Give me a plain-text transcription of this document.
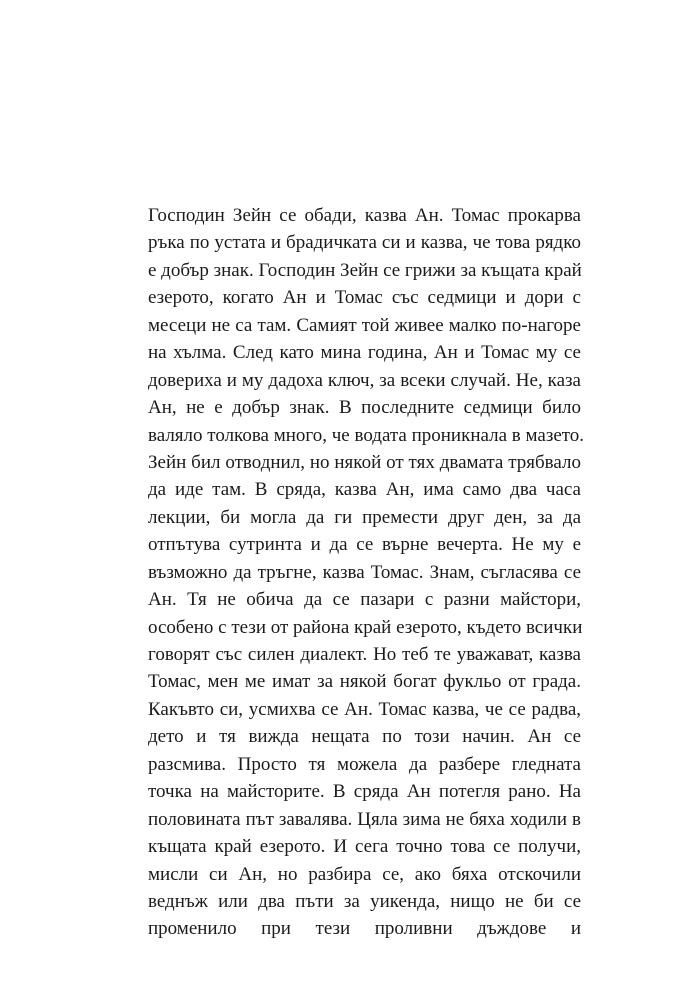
Господин Зейн се обади, казва Ан. Томас прокарва
ръка по устата и брадичката си и казва, че това рядко
е добър знак. Господин Зейн се грижи за къщата край
езерото, когато Ан и Томас със седмици и дори с
месеци не са там. Самият той живее малко по-нагоре
на хълма. След като мина година, Ан и Томас му се
довериха и му дадоха ключ, за всеки случай. Не, каза
Ан, не е добър знак. В последните седмици било
валяло толкова много, че водата проникнала в мазето.
Зейн бил отводнил, но някой от тях двамата трябвало
да иде там. В сряда, казва Ан, има само два часа
лекции, би могла да ги премести друг ден, за да
отпътува сутринта и да се върне вечерта. Не му е
възможно да тръгне, казва Томас. Знам, съгласява се
Ан. Тя не обича да се пазари с разни майстори,
особено с тези от района край езерото, където всички
говорят със силен диалект. Но теб те уважават, казва
Томас, мен ме имат за някой богат фукльо от града.
Какъвто си, усмихва се Ан. Томас казва, че се радва,
дето и тя вижда нещата по този начин. Ан се
разсмива. Просто тя можела да разбере гледната
точка на майсторите. В сряда Ан потегля рано. На
половината път завалява. Цяла зима не бяха ходили в
къщата край езерото. И сега точно това се получи,
мисли си Ан, но разбира се, ако бяха отскочили
веднъж или два пъти за уикенда, нищо не би се
променило при тези проливни дъждове и
